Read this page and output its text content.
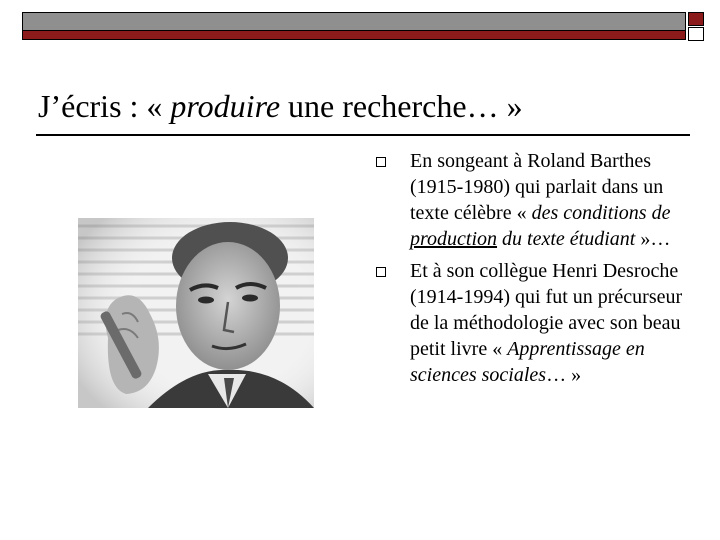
J’écris : « produire une recherche… »
En songeant à Roland Barthes (1915-1980) qui parlait dans un texte célèbre « des conditions de production du texte étudiant »…
Et à son collègue Henri Desroche (1914-1994) qui fut un précurseur de la méthodologie avec son beau petit livre « Apprentissage en sciences sociales… »
